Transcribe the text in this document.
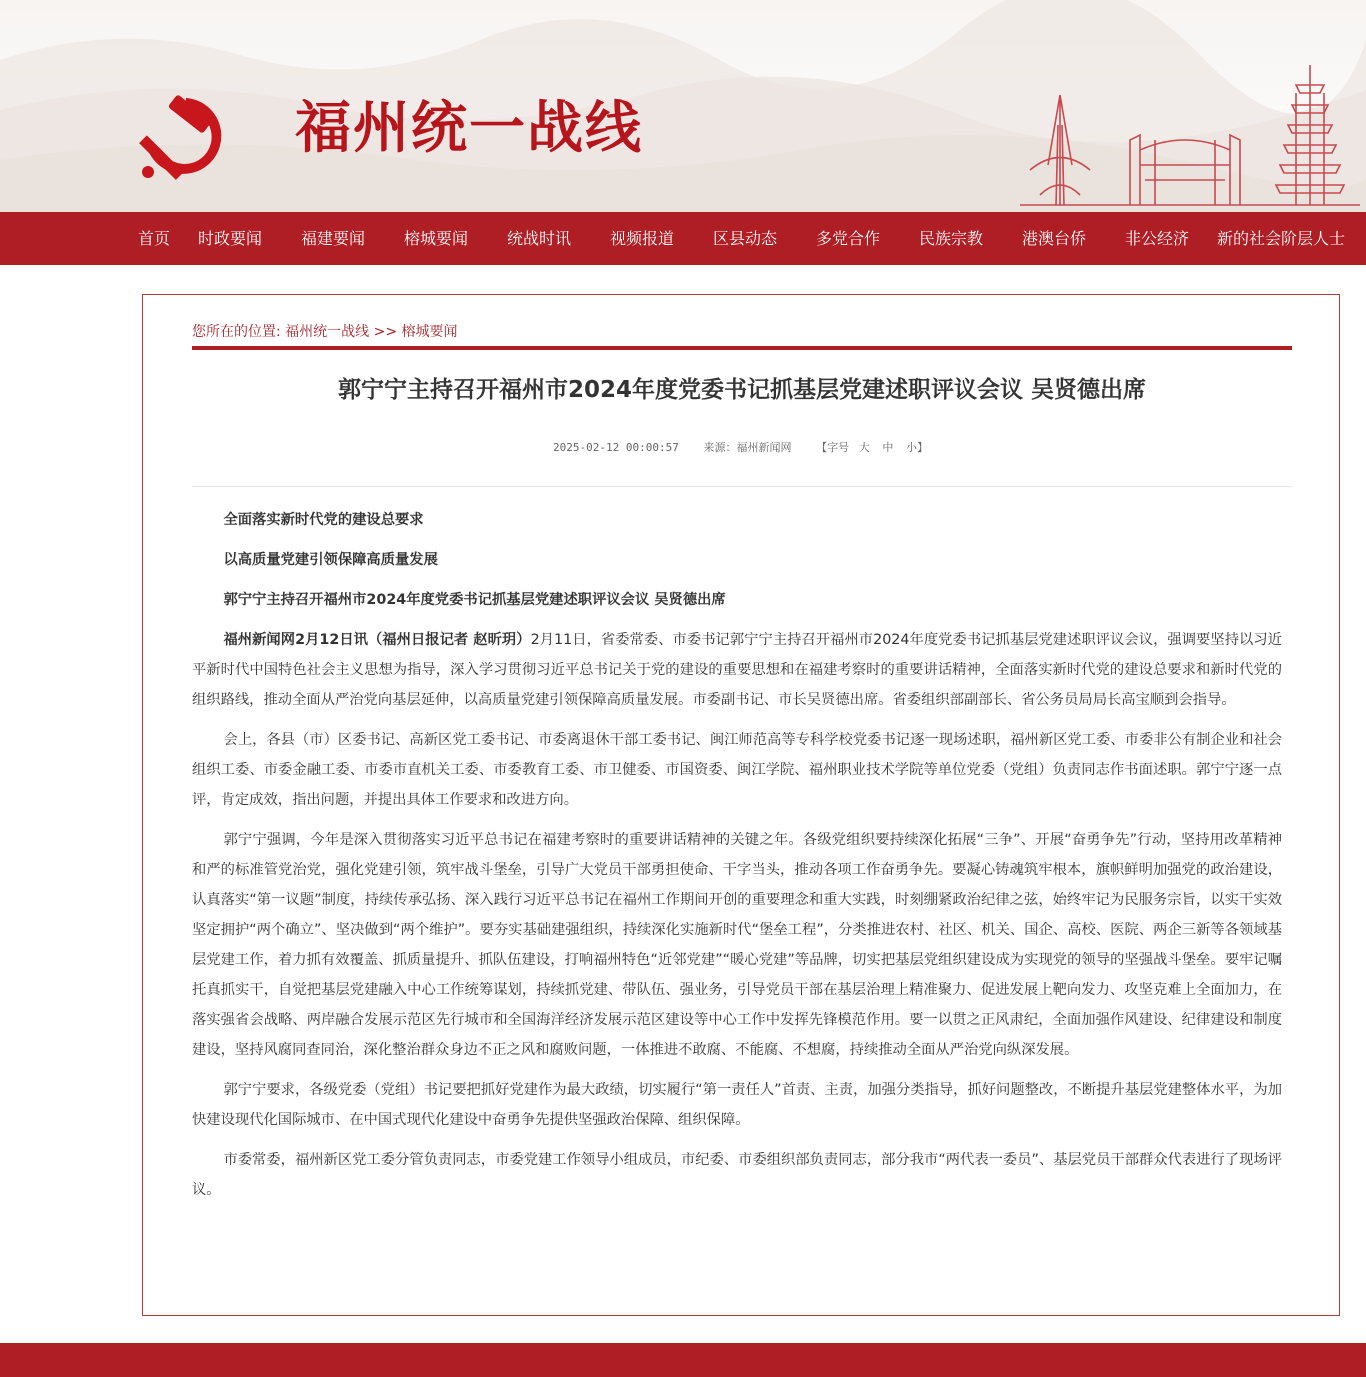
福州统一战线
首页 时政要闻 福建要闻 榕城要闻 统战时讯 视频报道 区县动态 多党合作 民族宗教 港澳台侨 非公经济 新的社会阶层人士
您所在的位置: 福州统一战线 >> 榕城要闻
郭宁宁主持召开福州市2024年度党委书记抓基层党建述职评议会议 吴贤德出席
2025-02-12 00:00:57 来源：福州新闻网 【字号 大 中 小】

全面落实新时代党的建设总要求

以高质量党建引领保障高质量发展

郭宁宁主持召开福州市2024年度党委书记抓基层党建述职评议会议 吴贤德出席

福州新闻网2月12日讯（福州日报记者 赵昕玥）2月11日，省委常委、市委书记郭宁宁主持召开福州市2024年度党委书记抓基层党建述职评议会议，强调要坚持以习近平新时代中国特色社会主义思想为指导，深入学习贯彻习近平总书记关于党的建设的重要思想和在福建考察时的重要讲话精神，全面落实新时代党的建设总要求和新时代党的组织路线，推动全面从严治党向基层延伸，以高质量党建引领保障高质量发展。市委副书记、市长吴贤德出席。省委组织部副部长、省公务员局局长高宝顺到会指导。

会上，各县（市）区委书记、高新区党工委书记、市委离退休干部工委书记、闽江师范高等专科学校党委书记逐一现场述职，福州新区党工委、市委非公有制企业和社会组织工委、市委金融工委、市委市直机关工委、市委教育工委、市卫健委、市国资委、闽江学院、福州职业技术学院等单位党委（党组）负责同志作书面述职。郭宁宁逐一点评，肯定成效，指出问题，并提出具体工作要求和改进方向。

郭宁宁强调，今年是深入贯彻落实习近平总书记在福建考察时的重要讲话精神的关键之年。各级党组织要持续深化拓展“三争”、开展“奋勇争先”行动，坚持用改革精神和严的标准管党治党，强化党建引领，筑牢战斗堡垒，引导广大党员干部勇担使命、干字当头，推动各项工作奋勇争先。要凝心铸魂筑牢根本，旗帜鲜明加强党的政治建设，认真落实“第一议题”制度，持续传承弘扬、深入践行习近平总书记在福州工作期间开创的重要理念和重大实践，时刻绷紧政治纪律之弦，始终牢记为民服务宗旨，以实干实效坚定拥护“两个确立”、坚决做到“两个维护”。要夯实基础建强组织，持续深化实施新时代“堡垒工程”，分类推进农村、社区、机关、国企、高校、医院、两企三新等各领域基层党建工作，着力抓有效覆盖、抓质量提升、抓队伍建设，打响福州特色“近邻党建”“暖心党建”等品牌，切实把基层党组织建设成为实现党的领导的坚强战斗堡垒。要牢记嘱托真抓实干，自觉把基层党建融入中心工作统筹谋划，持续抓党建、带队伍、强业务，引导党员干部在基层治理上精准聚力、促进发展上靶向发力、攻坚克难上全面加力，在落实强省会战略、两岸融合发展示范区先行城市和全国海洋经济发展示范区建设等中心工作中发挥先锋模范作用。要一以贯之正风肃纪，全面加强作风建设、纪律建设和制度建设，坚持风腐同查同治，深化整治群众身边不正之风和腐败问题，一体推进不敢腐、不能腐、不想腐，持续推动全面从严治党向纵深发展。

郭宁宁要求，各级党委（党组）书记要把抓好党建作为最大政绩，切实履行“第一责任人”首责、主责，加强分类指导，抓好问题整改，不断提升基层党建整体水平，为加快建设现代化国际城市、在中国式现代化建设中奋勇争先提供坚强政治保障、组织保障。

市委常委，福州新区党工委分管负责同志，市委党建工作领导小组成员，市纪委、市委组织部负责同志，部分我市“两代表一委员”、基层党员干部群众代表进行了现场评议。
